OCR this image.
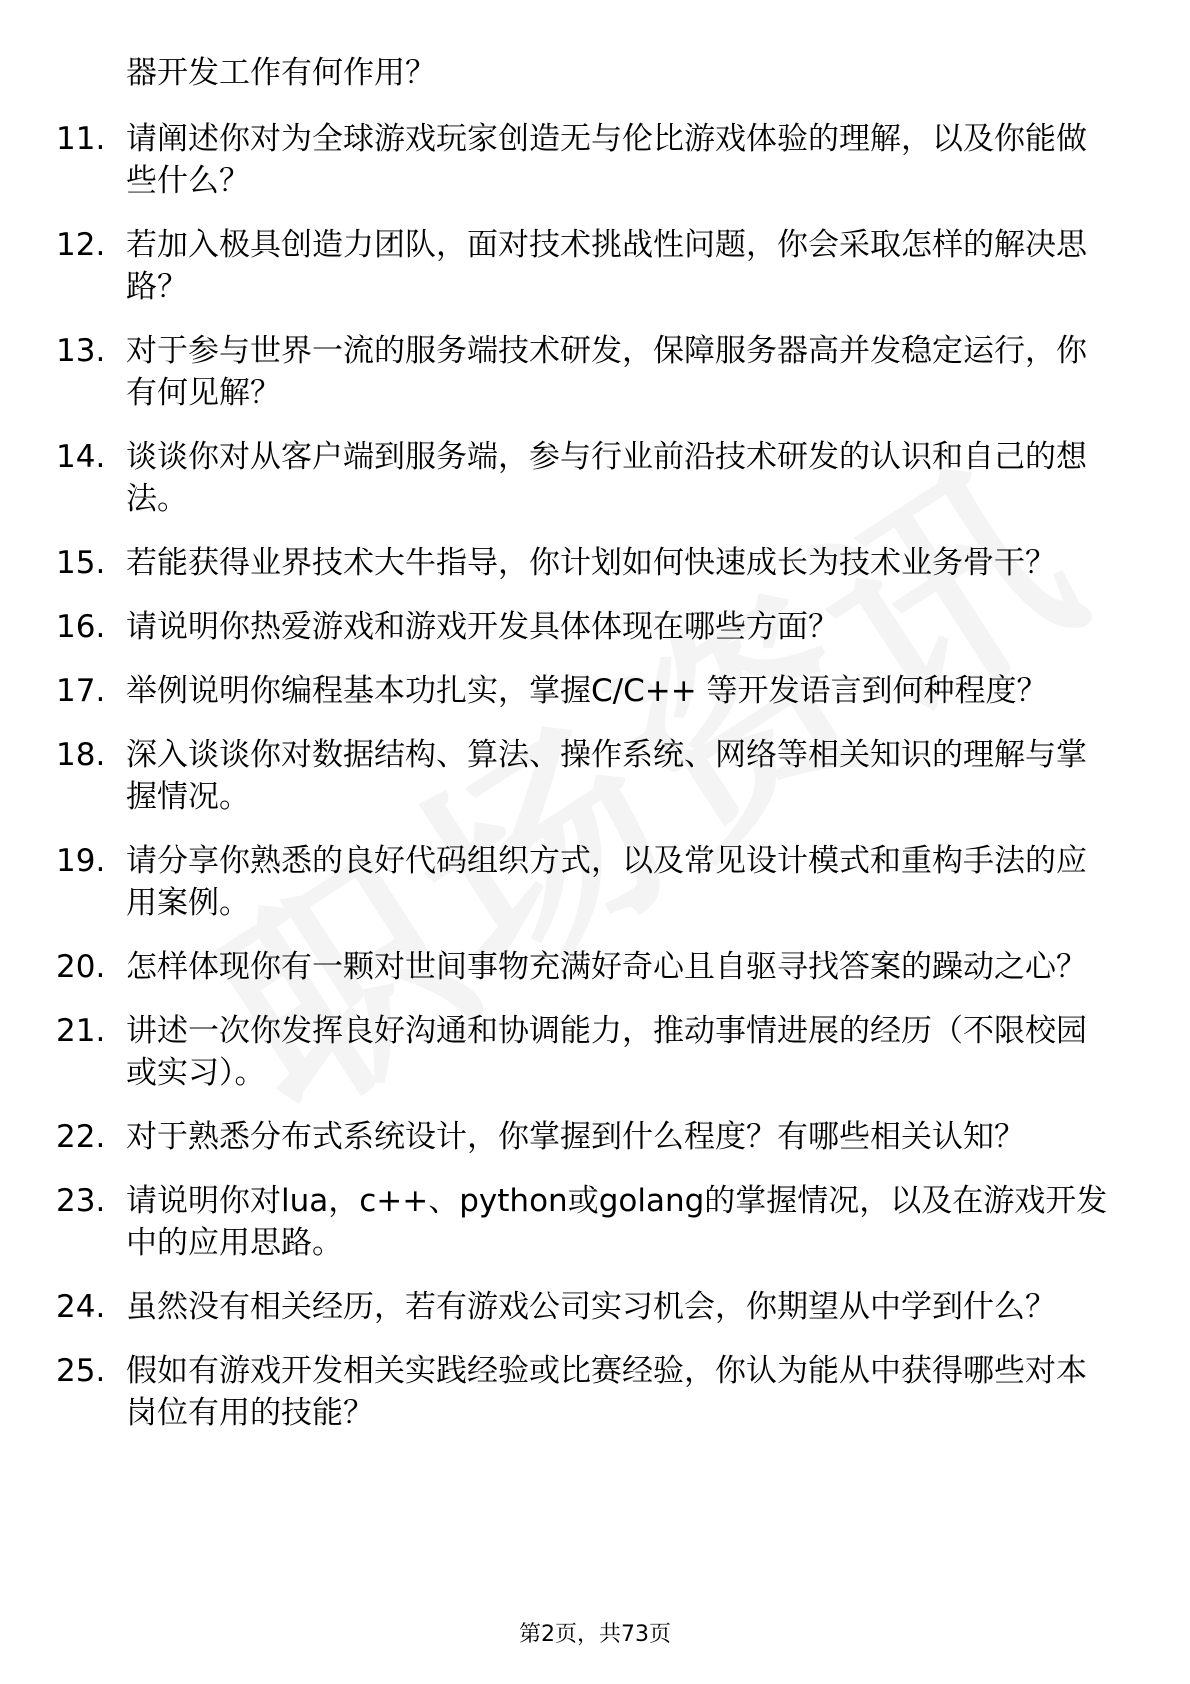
器开发工作有何作用？
11. 请阐述你对为全球游戏玩家创造无与伦比游戏体验的理解，以及你能做些什么？
12. 若加入极具创造力团队，面对技术挑战性问题，你会采取怎样的解决思路？
13. 对于参与世界一流的服务端技术研发，保障服务器高并发稳定运行，你有何见解？
14. 谈谈你对从客户端到服务端，参与行业前沿技术研发的认识和自己的想法。
15. 若能获得业界技术大牛指导，你计划如何快速成长为技术业务骨干？
16. 请说明你热爱游戏和游戏开发具体体现在哪些方面？
17. 举例说明你编程基本功扎实，掌握C/C++ 等开发语言到何种程度？
18. 深入谈谈你对数据结构、算法、操作系统、网络等相关知识的理解与掌握情况。
19. 请分享你熟悉的良好代码组织方式，以及常见设计模式和重构手法的应用案例。
20. 怎样体现你有一颗对世间事物充满好奇心且自驱寻找答案的躁动之心？
21. 讲述一次你发挥良好沟通和协调能力，推动事情进展的经历（不限校园或实习）。
22. 对于熟悉分布式系统设计，你掌握到什么程度？有哪些相关认知？
23. 请说明你对lua，c++、python或golang的掌握情况，以及在游戏开发中的应用思路。
24. 虽然没有相关经历，若有游戏公司实习机会，你期望从中学到什么？
25. 假如有游戏开发相关实践经验或比赛经验，你认为能从中获得哪些对本岗位有用的技能？
第2页，共73页
